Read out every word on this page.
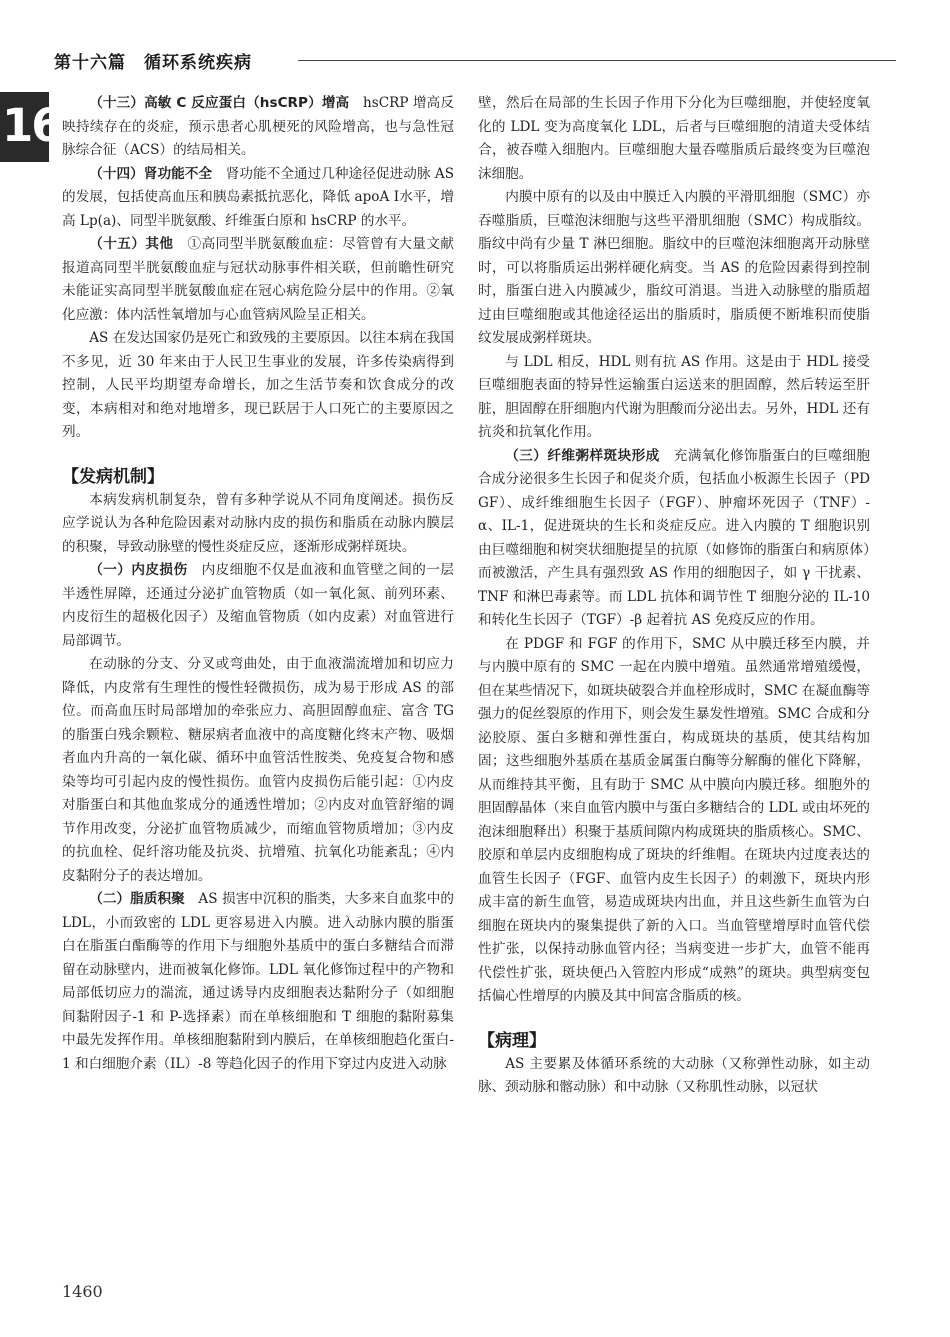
第十六篇　循环系统疾病
16	（十三）高敏 C 反应蛋白（hsCRP）增高　hsCRP 增高反映持续存在的炎症，预示患者心肌梗死的风险增高，也与急性冠脉综合征（ACS）的结局相关。

（十四）肾功能不全　肾功能不全通过几种途径促进动脉 AS 的发展，包括使高血压和胰岛素抵抗恶化，降低 apoA Ⅰ水平，增高 Lp(a)、同型半胱氨酸、纤维蛋白原和 hsCRP 的水平。

（十五）其他　①高同型半胱氨酸血症：尽管曾有大量文献报道高同型半胱氨酸血症与冠状动脉事件相关联，但前瞻性研究未能证实高同型半胱氨酸血症在冠心病危险分层中的作用。②氧化应激：体内活性氧增加与心血管病风险呈正相关。

AS 在发达国家仍是死亡和致残的主要原因。以往本病在我国不多见，近 30 年来由于人民卫生事业的发展，许多传染病得到控制，人民平均期望寿命增长，加之生活节奏和饮食成分的改变，本病相对和绝对地增多，现已跃居于人口死亡的主要原因之列。

【发病机制】

本病发病机制复杂，曾有多种学说从不同角度阐述。损伤反应学说认为各种危险因素对动脉内皮的损伤和脂质在动脉内膜层的积聚，导致动脉壁的慢性炎症反应，逐渐形成粥样斑块。

（一）内皮损伤　内皮细胞不仅是血液和血管壁之间的一层半透性屏障，还通过分泌扩血管物质（如一氧化氮、前列环素、内皮衍生的超极化因子）及缩血管物质（如内皮素）对血管进行局部调节。

在动脉的分支、分叉或弯曲处，由于血液湍流增加和切应力降低，内皮常有生理性的慢性轻微损伤，成为易于形成 AS 的部位。而高血压时局部增加的牵张应力、高胆固醇血症、富含 TG 的脂蛋白残余颗粒、糖尿病者血液中的高度糖化终末产物、吸烟者血内升高的一氧化碳、循环中血管活性胺类、免疫复合物和感染等均可引起内皮的慢性损伤。血管内皮损伤后能引起：①内皮对脂蛋白和其他血浆成分的通透性增加；②内皮对血管舒缩的调节作用改变，分泌扩血管物质减少，而缩血管物质增加；③内皮的抗血栓、促纤溶功能及抗炎、抗增殖、抗氧化功能紊乱；④内皮黏附分子的表达增加。

（二）脂质积聚　AS 损害中沉积的脂类，大多来自血浆中的 LDL，小而致密的 LDL 更容易进入内膜。进入动脉内膜的脂蛋白在脂蛋白酯酶等的作用下与细胞外基质中的蛋白多糖结合而滞留在动脉壁内，进而被氧化修饰。LDL 氧化修饰过程中的产物和局部低切应力的湍流，通过诱导内皮细胞表达黏附分子（如细胞间黏附因子-1 和 P-选择素）而在单核细胞和 T 细胞的黏附募集中最先发挥作用。单核细胞黏附到内膜后，在单核细胞趋化蛋白-1 和白细胞介素（IL）-8 等趋化因子的作用下穿过内皮进入动脉

壁，然后在局部的生长因子作用下分化为巨噬细胞，并使轻度氧化的 LDL 变为高度氧化 LDL，后者与巨噬细胞的清道夫受体结合，被吞噬入细胞内。巨噬细胞大量吞噬脂质后最终变为巨噬泡沫细胞。

内膜中原有的以及由中膜迁入内膜的平滑肌细胞（SMC）亦吞噬脂质，巨噬泡沫细胞与这些平滑肌细胞（SMC）构成脂纹。脂纹中尚有少量 T 淋巴细胞。脂纹中的巨噬泡沫细胞离开动脉壁时，可以将脂质运出粥样硬化病变。当 AS 的危险因素得到控制时，脂蛋白进入内膜减少，脂纹可消退。当进入动脉壁的脂质超过由巨噬细胞或其他途径运出的脂质时，脂质便不断堆积而使脂纹发展成粥样斑块。

与 LDL 相反，HDL 则有抗 AS 作用。这是由于 HDL 接受巨噬细胞表面的特异性运输蛋白运送来的胆固醇，然后转运至肝脏，胆固醇在肝细胞内代谢为胆酸而分泌出去。另外，HDL 还有抗炎和抗氧化作用。

（三）纤维粥样斑块形成　充满氧化修饰脂蛋白的巨噬细胞合成分泌很多生长因子和促炎介质，包括血小板源生长因子（PDGF）、成纤维细胞生长因子（FGF）、肿瘤坏死因子（TNF）-α、IL-1，促进斑块的生长和炎症反应。进入内膜的 T 细胞识别由巨噬细胞和树突状细胞提呈的抗原（如修饰的脂蛋白和病原体）而被激活，产生具有强烈致 AS 作用的细胞因子，如 γ 干扰素、TNF 和淋巴毒素等。而 LDL 抗体和调节性 T 细胞分泌的 IL-10 和转化生长因子（TGF）-β 起着抗 AS 免疫反应的作用。

在 PDGF 和 FGF 的作用下，SMC 从中膜迁移至内膜，并与内膜中原有的 SMC 一起在内膜中增殖。虽然通常增殖缓慢，但在某些情况下，如斑块破裂合并血栓形成时，SMC 在凝血酶等强力的促丝裂原的作用下，则会发生暴发性增殖。SMC 合成和分泌胶原、蛋白多糖和弹性蛋白，构成斑块的基质，使其结构加固；这些细胞外基质在基质金属蛋白酶等分解酶的催化下降解，从而维持其平衡，且有助于 SMC 从中膜向内膜迁移。细胞外的胆固醇晶体（来自血管内膜中与蛋白多糖结合的 LDL 或由坏死的泡沫细胞释出）积聚于基质间隙内构成斑块的脂质核心。SMC、胶原和单层内皮细胞构成了斑块的纤维帽。在斑块内过度表达的血管生长因子（FGF、血管内皮生长因子）的刺激下，斑块内形成丰富的新生血管，易造成斑块内出血，并且这些新生血管为白细胞在斑块内的聚集提供了新的入口。当血管壁增厚时血管代偿性扩张，以保持动脉血管内径；当病变进一步扩大，血管不能再代偿性扩张，斑块便凸入管腔内形成“成熟”的斑块。典型病变包括偏心性增厚的内膜及其中间富含脂质的核。

【病理】

AS 主要累及体循环系统的大动脉（又称弹性动脉，如主动脉、颈动脉和髂动脉）和中动脉（又称肌性动脉，以冠状

1460
